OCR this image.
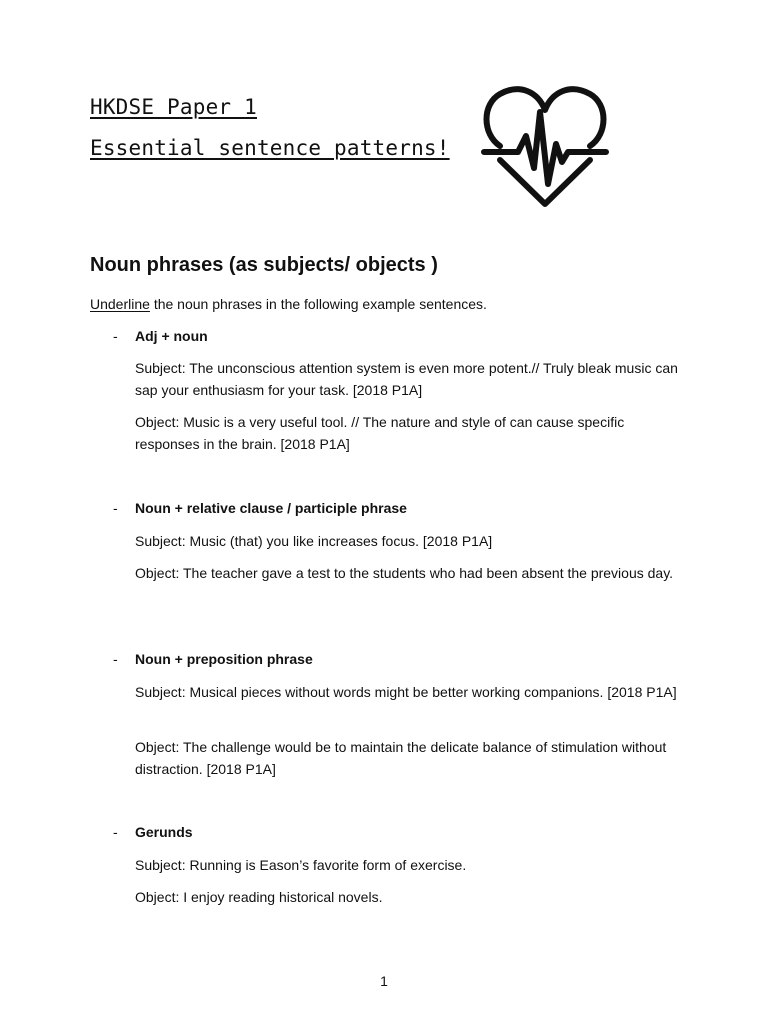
HKDSE Paper 1
Essential sentence patterns!
Noun phrases (as subjects/ objects )
Underline the noun phrases in the following example sentences.
- Adj + noun
Subject: The unconscious attention system is even more potent.// Truly bleak music can sap your enthusiasm for your task. [2018 P1A]
Object: Music is a very useful tool. // The nature and style of can cause specific responses in the brain. [2018 P1A]
- Noun + relative clause / participle phrase
Subject: Music (that) you like increases focus. [2018 P1A]
Object: The teacher gave a test to the students who had been absent the previous day.
- Noun + preposition phrase
Subject: Musical pieces without words might be better working companions. [2018 P1A]
Object: The challenge would be to maintain the delicate balance of stimulation without distraction. [2018 P1A]
- Gerunds
Subject: Running is Eason’s favorite form of exercise.
Object: I enjoy reading historical novels.
1
